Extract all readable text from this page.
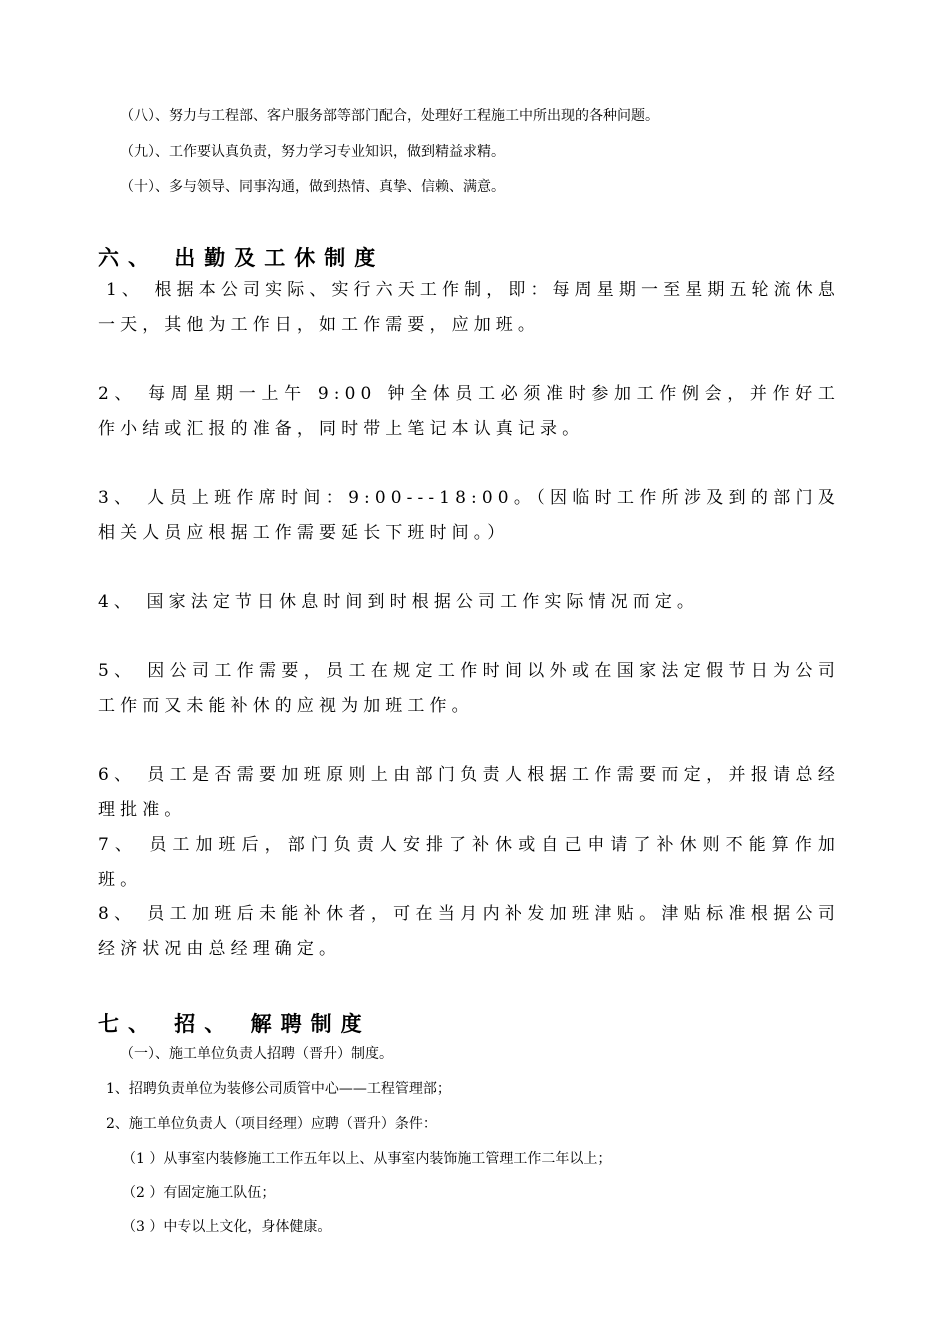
（八）、努力与工程部、客户服务部等部门配合，处理好工程施工中所出现的各种问题。
（九）、工作要认真负责，努力学习专业知识，做到精益求精。
（十）、多与领导、同事沟通，做到热情、真挚、信赖、满意。
六、 出勤及工休制度
1、 根据本公司实际、实行六天工作制，即：每周星期一至星期五轮流休息一天，其他为工作日，如工作需要，应加班。
2、 每周星期一上午 9:00 钟全体员工必须准时参加工作例会，并作好工作小结或汇报的准备，同时带上笔记本认真记录。
3、 人员上班作席时间：9:00---18:00。（因临时工作所涉及到的部门及相关人员应根据工作需要延长下班时间。）
4、 国家法定节日休息时间到时根据公司工作实际情况而定。
5、 因公司工作需要，员工在规定工作时间以外或在国家法定假节日为公司工作而又未能补休的应视为加班工作。
6、 员工是否需要加班原则上由部门负责人根据工作需要而定，并报请总经理批准。
7、 员工加班后，部门负责人安排了补休或自己申请了补休则不能算作加班。
8、 员工加班后未能补休者，可在当月内补发加班津贴。津贴标准根据公司经济状况由总经理确定。
七、 招、 解聘制度
（一）、施工单位负责人招聘（晋升）制度。
1、招聘负责单位为装修公司质管中心——工程管理部；
2、施工单位负责人（项目经理）应聘（晋升）条件：
（1 ）从事室内装修施工工作五年以上、从事室内装饰施工管理工作二年以上；
（2 ）有固定施工队伍；
（3 ）中专以上文化，身体健康。
